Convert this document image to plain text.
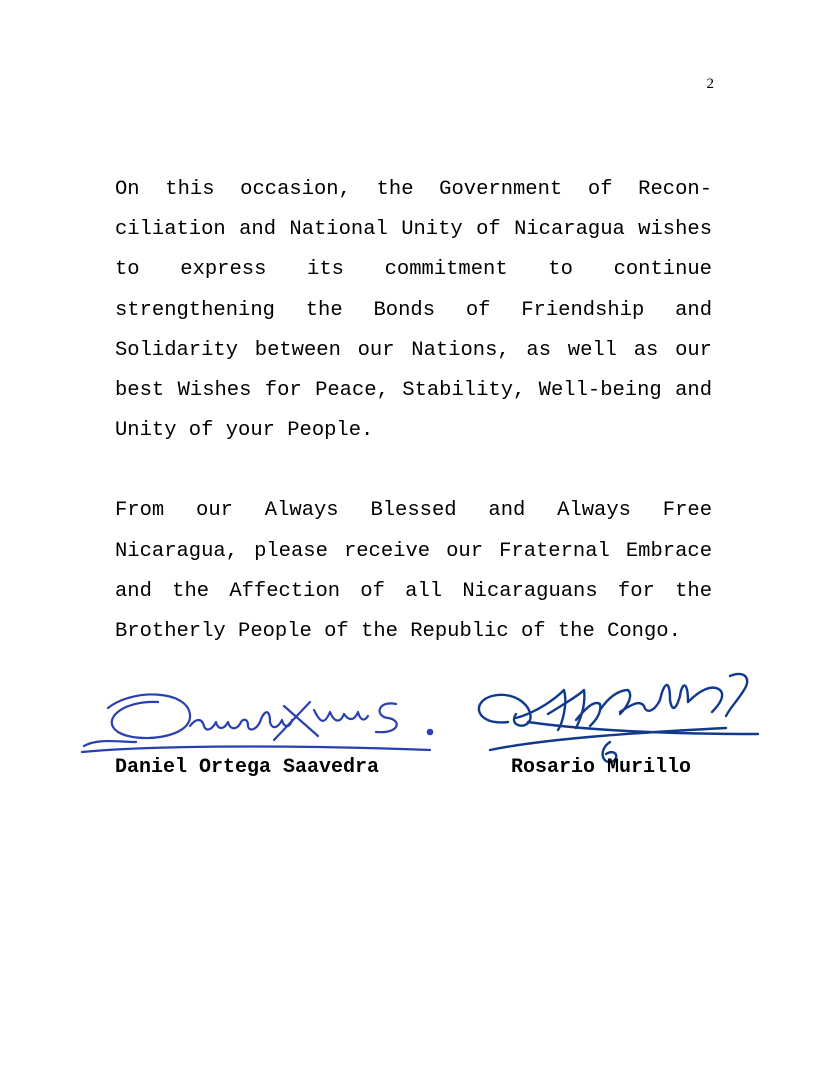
2

On this occasion, the Government of Recon-ciliation and National Unity of Nicaragua wishes to express its commitment to continue strengthening the Bonds of Friendship and Solidarity between our Nations, as well as our best Wishes for Peace, Stability, Well-being and Unity of your People.

From our Always Blessed and Always Free Nicaragua, please receive our Fraternal Embrace and the Affection of all Nicaraguans for the Brotherly People of the Republic of the Congo.

Daniel Ortega Saavedra	Rosario Murillo
